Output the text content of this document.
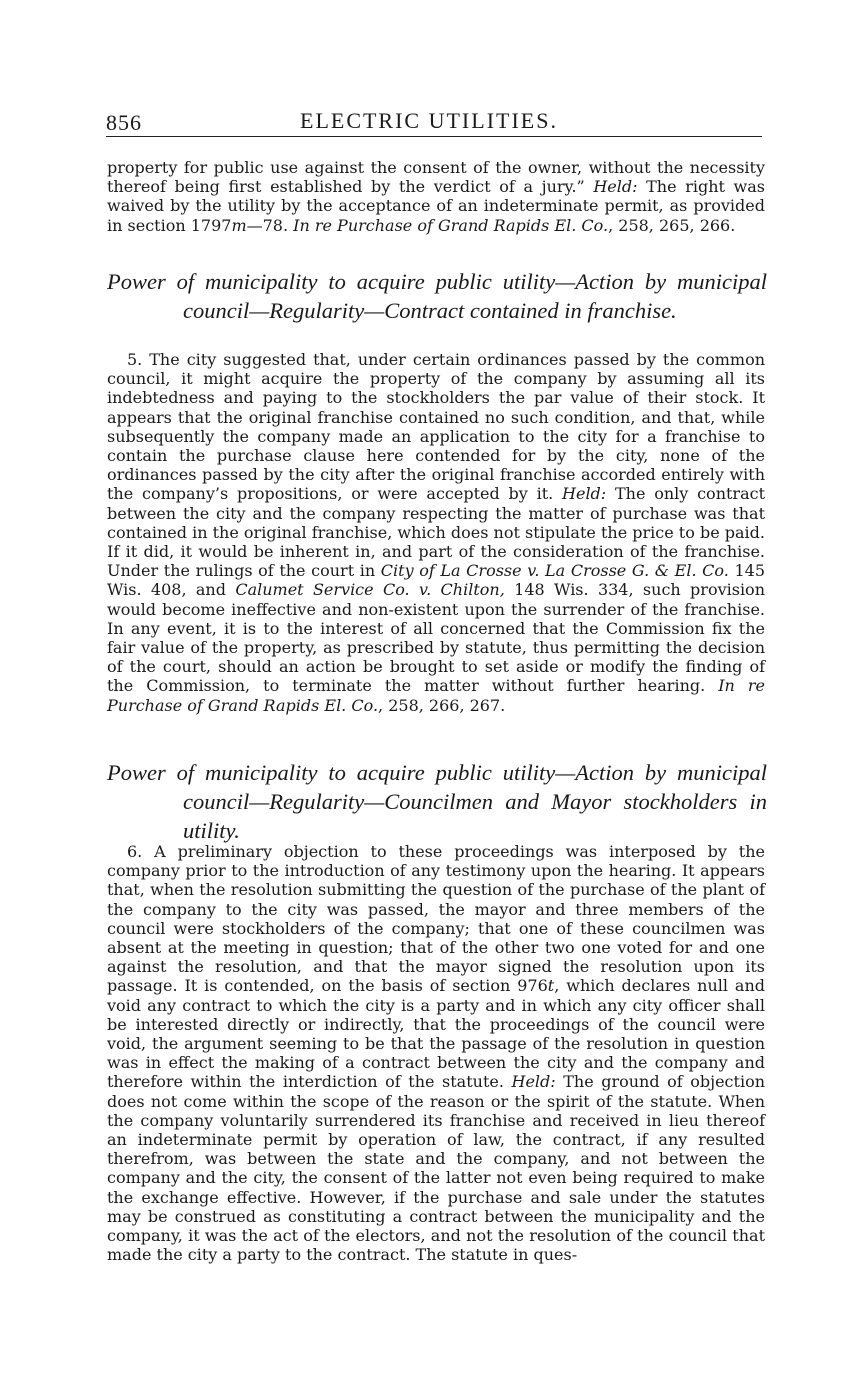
856	ELECTRIC UTILITIES.

property for public use against the consent of the owner, without the necessity thereof being first established by the verdict of a jury.” Held: The right was waived by the utility by the acceptance of an indeterminate permit, as provided in section 1797m—78. In re Purchase of Grand Rapids El. Co., 258, 265, 266.

Power of municipality to acquire public utility—Action by municipal council—Regularity—Contract contained in franchise.

5. The city suggested that, under certain ordinances passed by the common council, it might acquire the property of the company by assuming all its indebtedness and paying to the stockholders the par value of their stock. It appears that the original franchise contained no such condition, and that, while subsequently the company made an application to the city for a franchise to contain the purchase clause here contended for by the city, none of the ordinances passed by the city after the original franchise accorded entirely with the company’s propositions, or were accepted by it. Held: The only contract between the city and the company respecting the matter of purchase was that contained in the original franchise, which does not stipulate the price to be paid. If it did, it would be inherent in, and part of the consideration of the franchise. Under the rulings of the court in City of La Crosse v. La Crosse G. & El. Co. 145 Wis. 408, and Calumet Service Co. v. Chilton, 148 Wis. 334, such provision would become ineffective and non-existent upon the surrender of the franchise. In any event, it is to the interest of all concerned that the Commission fix the fair value of the property, as prescribed by statute, thus permitting the decision of the court, should an action be brought to set aside or modify the finding of the Commission, to terminate the matter without further hearing. In re Purchase of Grand Rapids El. Co., 258, 266, 267.

Power of municipality to acquire public utility—Action by municipal council—Regularity—Councilmen and Mayor stockholders in utility.

6. A preliminary objection to these proceedings was interposed by the company prior to the introduction of any testimony upon the hearing. It appears that, when the resolution submitting the question of the purchase of the plant of the company to the city was passed, the mayor and three members of the council were stockholders of the company; that one of these councilmen was absent at the meeting in question; that of the other two one voted for and one against the resolution, and that the mayor signed the resolution upon its passage. It is contended, on the basis of section 976t, which declares null and void any contract to which the city is a party and in which any city officer shall be interested directly or indirectly, that the proceedings of the council were void, the argument seeming to be that the passage of the resolution in question was in effect the making of a contract between the city and the company and therefore within the interdiction of the statute. Held: The ground of objection does not come within the scope of the reason or the spirit of the statute. When the company voluntarily surrendered its franchise and received in lieu thereof an indeterminate permit by operation of law, the contract, if any resulted therefrom, was between the state and the company, and not between the company and the city, the consent of the latter not even being required to make the exchange effective. However, if the purchase and sale under the statutes may be construed as constituting a contract between the municipality and the company, it was the act of the electors, and not the resolution of the council that made the city a party to the contract. The statute in ques-
